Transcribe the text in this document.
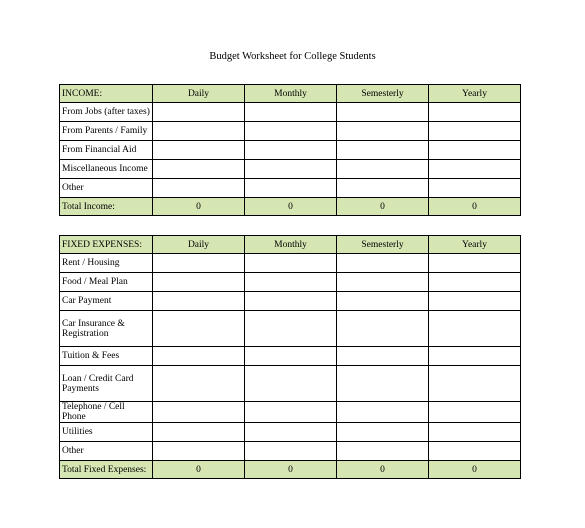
Budget Worksheet for College Students
INCOME:	Daily	Monthly	Semesterly	Yearly
From Jobs (after taxes)				
From Parents / Family				
From Financial Aid				
Miscellaneous Income				
Other				
Total Income:	0	0	0	0
FIXED EXPENSES:	Daily	Monthly	Semesterly	Yearly
Rent / Housing				
Food / Meal Plan				
Car Payment				
Car Insurance & Registration				
Tuition & Fees				
Loan / Credit Card Payments				
Telephone / Cell Phone				
Utilities				
Other				
Total Fixed Expenses:	0	0	0	0
